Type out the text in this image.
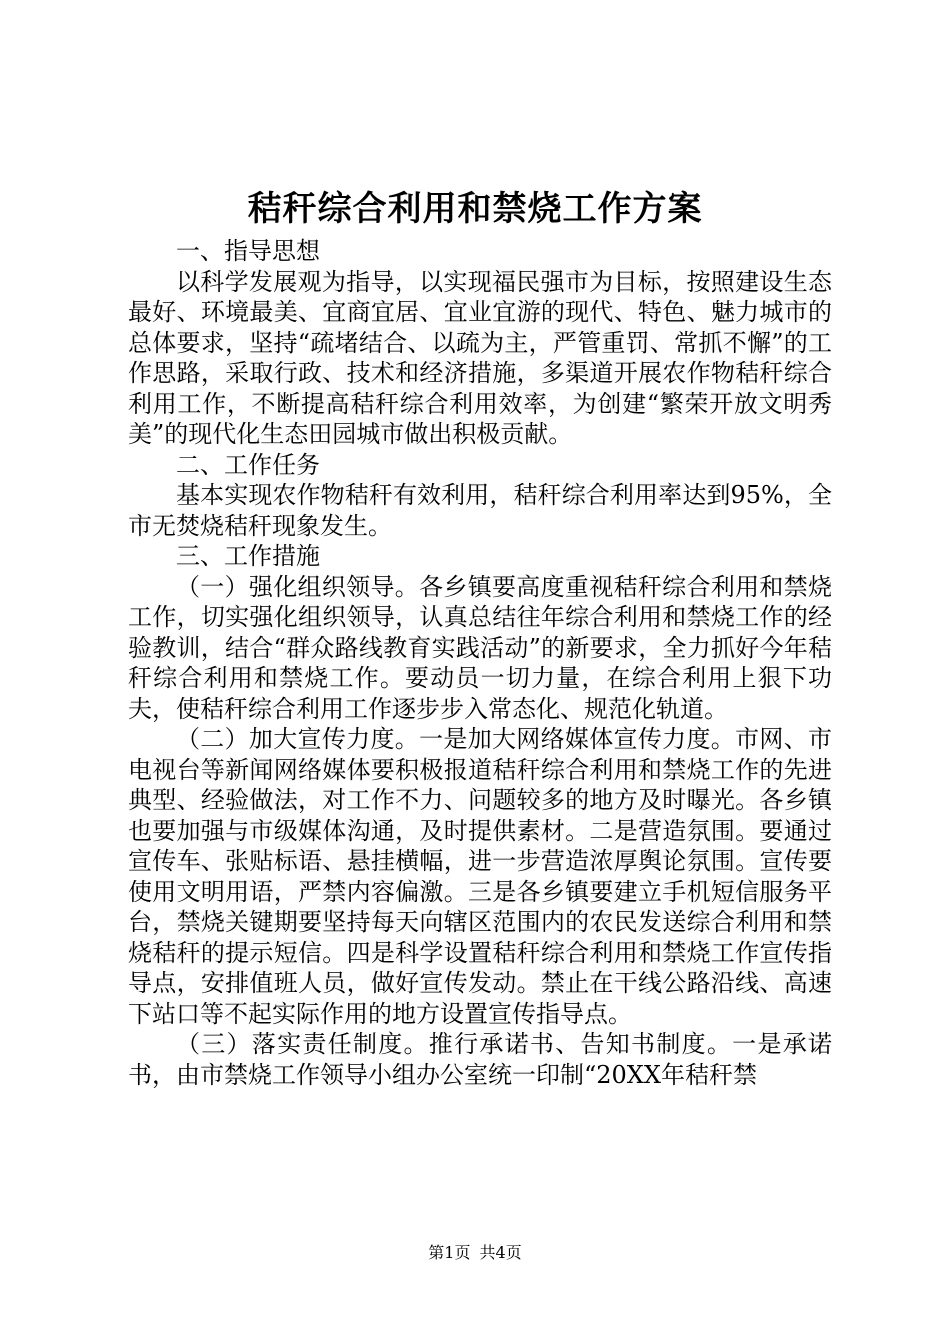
秸秆综合利用和禁烧工作方案

一、指导思想

以科学发展观为指导，以实现福民强市为目标，按照建设生态最好、环境最美、宜商宜居、宜业宜游的现代、特色、魅力城市的总体要求，坚持“疏堵结合、以疏为主，严管重罚、常抓不懈”的工作思路，采取行政、技术和经济措施，多渠道开展农作物秸秆综合利用工作，不断提高秸秆综合利用效率，为创建“繁荣开放文明秀美”的现代化生态田园城市做出积极贡献。

二、工作任务

基本实现农作物秸秆有效利用，秸秆综合利用率达到95%，全市无焚烧秸秆现象发生。

三、工作措施

（一）强化组织领导。各乡镇要高度重视秸秆综合利用和禁烧工作，切实强化组织领导，认真总结往年综合利用和禁烧工作的经验教训，结合“群众路线教育实践活动”的新要求，全力抓好今年秸秆综合利用和禁烧工作。要动员一切力量，在综合利用上狠下功夫，使秸秆综合利用工作逐步步入常态化、规范化轨道。

（二）加大宣传力度。一是加大网络媒体宣传力度。市网、市电视台等新闻网络媒体要积极报道秸秆综合利用和禁烧工作的先进典型、经验做法，对工作不力、问题较多的地方及时曝光。各乡镇也要加强与市级媒体沟通，及时提供素材。二是营造氛围。要通过宣传车、张贴标语、悬挂横幅，进一步营造浓厚舆论氛围。宣传要使用文明用语，严禁内容偏激。三是各乡镇要建立手机短信服务平台，禁烧关键期要坚持每天向辖区范围内的农民发送综合利用和禁烧秸秆的提示短信。四是科学设置秸秆综合利用和禁烧工作宣传指导点，安排值班人员，做好宣传发动。禁止在干线公路沿线、高速下站口等不起实际作用的地方设置宣传指导点。

（三）落实责任制度。推行承诺书、告知书制度。一是承诺书，由市禁烧工作领导小组办公室统一印制“20XX年秸秆禁

第1页 共4页
